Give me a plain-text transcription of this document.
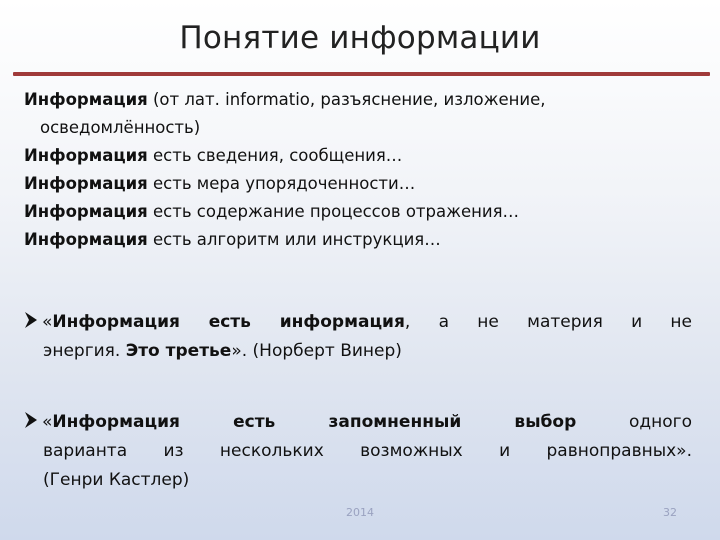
Понятие информации
Информация (от лат. informatio, разъяснение, изложение,
осведомлённость)
Информация есть сведения, сообщения…
Информация есть мера упорядоченности…
Информация есть содержание процессов отражения…
Информация есть алгоритм или инструкция…
«Информация есть информация, а не материя и не
энергия. Это третье». (Норберт Винер)
«Информация есть запомненный выбор одного
варианта из нескольких возможных и равноправных».
(Генри Кастлер)
2014	32
